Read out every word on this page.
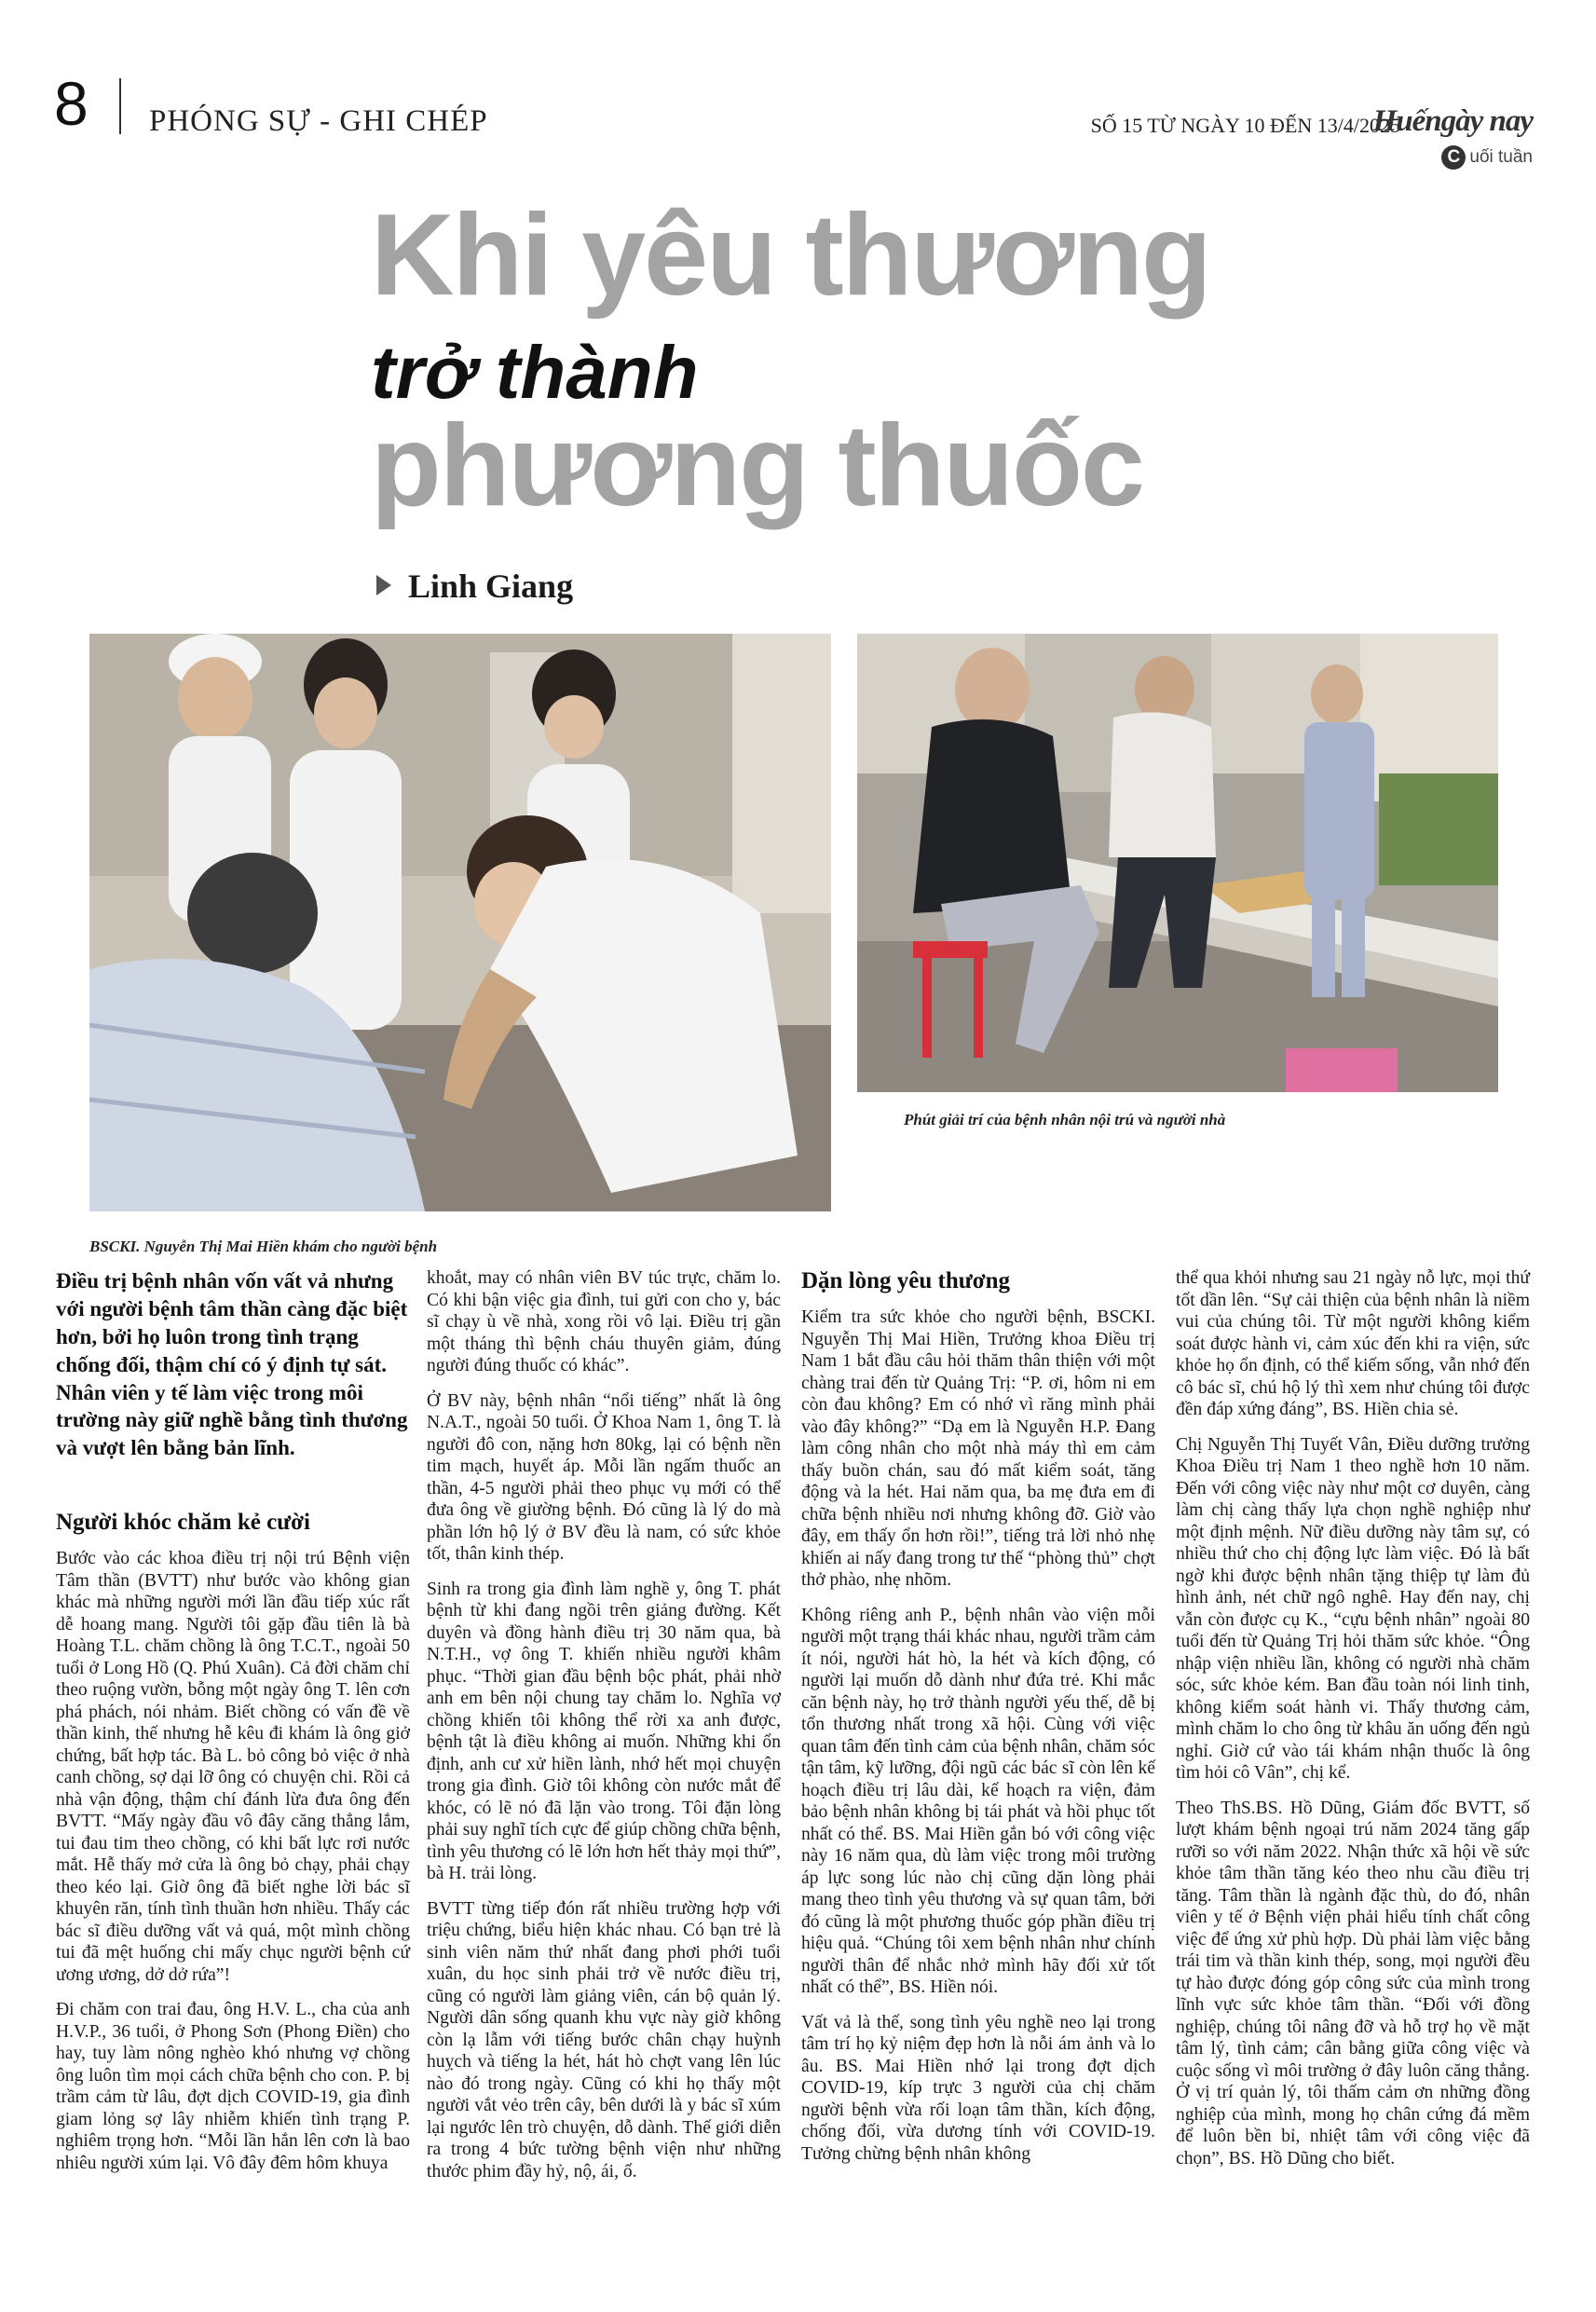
8 PHÓNG SỰ - GHI CHÉP	SỐ 15 TỪ NGÀY 10 ĐẾN 13/4/2025
Huếngày nay
C uối tuần
Khi yêu thương
trở thành
phương thuốc
Linh Giang
BSCKI. Nguyễn Thị Mai Hiền khám cho người bệnh
Phút giải trí của bệnh nhân nội trú và người nhà

Điều trị bệnh nhân vốn vất vả nhưng với người bệnh tâm thần càng đặc biệt hơn, bởi họ luôn trong tình trạng chống đối, thậm chí có ý định tự sát. Nhân viên y tế làm việc trong môi trường này giữ nghề bằng tình thương và vượt lên bằng bản lĩnh.

Người khóc chăm kẻ cười

Bước vào các khoa điều trị nội trú Bệnh viện Tâm thần (BVTT) như bước vào không gian khác mà những người mới lần đầu tiếp xúc rất dễ hoang mang. Người tôi gặp đầu tiên là bà Hoàng T.L. chăm chồng là ông T.C.T., ngoài 50 tuổi ở Long Hồ (Q. Phú Xuân). Cả đời chăm chỉ theo ruộng vườn, bỗng một ngày ông T. lên cơn phá phách, nói nhảm. Biết chồng có vấn đề về thần kinh, thế nhưng hễ kêu đi khám là ông giở chứng, bất hợp tác. Bà L. bỏ công bỏ việc ở nhà canh chồng, sợ dại lỡ ông có chuyện chi. Rồi cả nhà vận động, thậm chí đánh lừa đưa ông đến BVTT. “Mấy ngày đầu vô đây căng thẳng lắm, tui đau tim theo chồng, có khi bất lực rơi nước mắt. Hễ thấy mở cửa là ông bỏ chạy, phải chạy theo kéo lại. Giờ ông đã biết nghe lời bác sĩ khuyên răn, tính tình thuần hơn nhiều. Thấy các bác sĩ điều dưỡng vất vả quá, một mình chồng tui đã mệt huống chi mấy chục người bệnh cứ ương ương, dở dở rứa”!

Đi chăm con trai đau, ông H.V. L., cha của anh H.V.P., 36 tuổi, ở Phong Sơn (Phong Điền) cho hay, tuy làm nông nghèo khó nhưng vợ chồng ông luôn tìm mọi cách chữa bệnh cho con. P. bị trầm cảm từ lâu, đợt dịch COVID-19, gia đình giam lỏng sợ lây nhiễm khiến tình trạng P. nghiêm trọng hơn. “Mỗi lần hắn lên cơn là bao nhiêu người xúm lại. Vô đây đêm hôm khuya

khoắt, may có nhân viên BV túc trực, chăm lo. Có khi bận việc gia đình, tui gửi con cho y, bác sĩ chạy ù về nhà, xong rồi vô lại. Điều trị gần một tháng thì bệnh cháu thuyên giảm, đúng người đúng thuốc có khác”.

Ở BV này, bệnh nhân “nổi tiếng” nhất là ông N.A.T., ngoài 50 tuổi. Ở Khoa Nam 1, ông T. là người đô con, nặng hơn 80kg, lại có bệnh nền tim mạch, huyết áp. Mỗi lần ngấm thuốc an thần, 4-5 người phải theo phục vụ mới có thể đưa ông về giường bệnh. Đó cũng là lý do mà phần lớn hộ lý ở BV đều là nam, có sức khỏe tốt, thân kinh thép.

Sinh ra trong gia đình làm nghề y, ông T. phát bệnh từ khi đang ngồi trên giảng đường. Kết duyên và đồng hành điều trị 30 năm qua, bà N.T.H., vợ ông T. khiến nhiều người khâm phục. “Thời gian đầu bệnh bộc phát, phải nhờ anh em bên nội chung tay chăm lo. Nghĩa vợ chồng khiến tôi không thể rời xa anh được, bệnh tật là điều không ai muốn. Những khi ổn định, anh cư xử hiền lành, nhớ hết mọi chuyện trong gia đình. Giờ tôi không còn nước mắt để khóc, có lẽ nó đã lặn vào trong. Tôi đặn lòng phải suy nghĩ tích cực để giúp chồng chữa bệnh, tình yêu thương có lẽ lớn hơn hết thảy mọi thứ”, bà H. trải lòng.

BVTT từng tiếp đón rất nhiều trường hợp với triệu chứng, biểu hiện khác nhau. Có bạn trẻ là sinh viên năm thứ nhất đang phơi phới tuổi xuân, du học sinh phải trở về nước điều trị, cũng có người làm giảng viên, cán bộ quản lý. Người dân sống quanh khu vực này giờ không còn lạ lẫm với tiếng bước chân chạy huỳnh huỵch và tiếng la hét, hát hò chợt vang lên lúc nào đó trong ngày. Cũng có khi họ thấy một người vắt vẻo trên cây, bên dưới là y bác sĩ xúm lại ngước lên trò chuyện, dỗ dành. Thế giới diễn ra trong 4 bức tường bệnh viện như những thước phim đầy hỷ, nộ, ái, ố.

Dặn lòng yêu thương

Kiểm tra sức khỏe cho người bệnh, BSCKI. Nguyễn Thị Mai Hiền, Trưởng khoa Điều trị Nam 1 bắt đầu câu hỏi thăm thân thiện với một chàng trai đến từ Quảng Trị: “P. ơi, hôm ni em còn đau không? Em có nhớ vì răng mình phải vào đây không?” “Dạ em là Nguyễn H.P. Đang làm công nhân cho một nhà máy thì em cảm thấy buồn chán, sau đó mất kiểm soát, tăng động và la hét. Hai năm qua, ba mẹ đưa em đi chữa bệnh nhiều nơi nhưng không đỡ. Giờ vào đây, em thấy ổn hơn rồi!”, tiếng trả lời nhỏ nhẹ khiến ai nấy đang trong tư thế “phòng thủ” chợt thở phào, nhẹ nhõm.

Không riêng anh P., bệnh nhân vào viện mỗi người một trạng thái khác nhau, người trầm cảm ít nói, người hát hò, la hét và kích động, có người lại muốn dỗ dành như đứa trẻ. Khi mắc căn bệnh này, họ trở thành người yếu thế, dễ bị tổn thương nhất trong xã hội. Cùng với việc quan tâm đến tình cảm của bệnh nhân, chăm sóc tận tâm, kỹ lưỡng, đội ngũ các bác sĩ còn lên kế hoạch điều trị lâu dài, kế hoạch ra viện, đảm bảo bệnh nhân không bị tái phát và hồi phục tốt nhất có thể. BS. Mai Hiền gắn bó với công việc này 16 năm qua, dù làm việc trong môi trường áp lực song lúc nào chị cũng dặn lòng phải mang theo tình yêu thương và sự quan tâm, bởi đó cũng là một phương thuốc góp phần điều trị hiệu quả. “Chúng tôi xem bệnh nhân như chính người thân để nhắc nhở mình hãy đối xử tốt nhất có thể”, BS. Hiền nói.

Vất vả là thế, song tình yêu nghề neo lại trong tâm trí họ kỷ niệm đẹp hơn là nỗi ám ảnh và lo âu. BS. Mai Hiền nhớ lại trong đợt dịch COVID-19, kíp trực 3 người của chị chăm người bệnh vừa rối loạn tâm thần, kích động, chống đối, vừa dương tính với COVID-19. Tưởng chừng bệnh nhân không

thể qua khỏi nhưng sau 21 ngày nỗ lực, mọi thứ tốt dần lên. “Sự cải thiện của bệnh nhân là niềm vui của chúng tôi. Từ một người không kiểm soát được hành vi, cảm xúc đến khi ra viện, sức khỏe họ ổn định, có thể kiếm sống, vẫn nhớ đến cô bác sĩ, chú hộ lý thì xem như chúng tôi được đền đáp xứng đáng”, BS. Hiền chia sẻ.

Chị Nguyễn Thị Tuyết Vân, Điều dưỡng trưởng Khoa Điều trị Nam 1 theo nghề hơn 10 năm. Đến với công việc này như một cơ duyên, càng làm chị càng thấy lựa chọn nghề nghiệp như một định mệnh. Nữ điều dưỡng này tâm sự, có nhiều thứ cho chị động lực làm việc. Đó là bất ngờ khi được bệnh nhân tặng thiệp tự làm đủ hình ảnh, nét chữ ngô nghê. Hay đến nay, chị vẫn còn được cụ K., “cựu bệnh nhân” ngoài 80 tuổi đến từ Quảng Trị hỏi thăm sức khỏe. “Ông nhập viện nhiều lần, không có người nhà chăm sóc, sức khỏe kém. Ban đầu toàn nói linh tinh, không kiểm soát hành vi. Thấy thương cảm, mình chăm lo cho ông từ khâu ăn uống đến ngủ nghỉ. Giờ cứ vào tái khám nhận thuốc là ông tìm hỏi cô Vân”, chị kể.

Theo ThS.BS. Hồ Dũng, Giám đốc BVTT, số lượt khám bệnh ngoại trú năm 2024 tăng gấp rưỡi so với năm 2022. Nhận thức xã hội về sức khỏe tâm thần tăng kéo theo nhu cầu điều trị tăng. Tâm thần là ngành đặc thù, do đó, nhân viên y tế ở Bệnh viện phải hiểu tính chất công việc để ứng xử phù hợp. Dù phải làm việc bằng trái tim và thần kinh thép, song, mọi người đều tự hào được đóng góp công sức của mình trong lĩnh vực sức khỏe tâm thần. “Đối với đồng nghiệp, chúng tôi nâng đỡ và hỗ trợ họ về mặt tâm lý, tình cảm; cân bằng giữa công việc và cuộc sống vì môi trường ở đây luôn căng thẳng. Ở vị trí quản lý, tôi thấm cảm ơn những đồng nghiệp của mình, mong họ chân cứng đá mềm để luôn bền bỉ, nhiệt tâm với công việc đã chọn”, BS. Hồ Dũng cho biết.
